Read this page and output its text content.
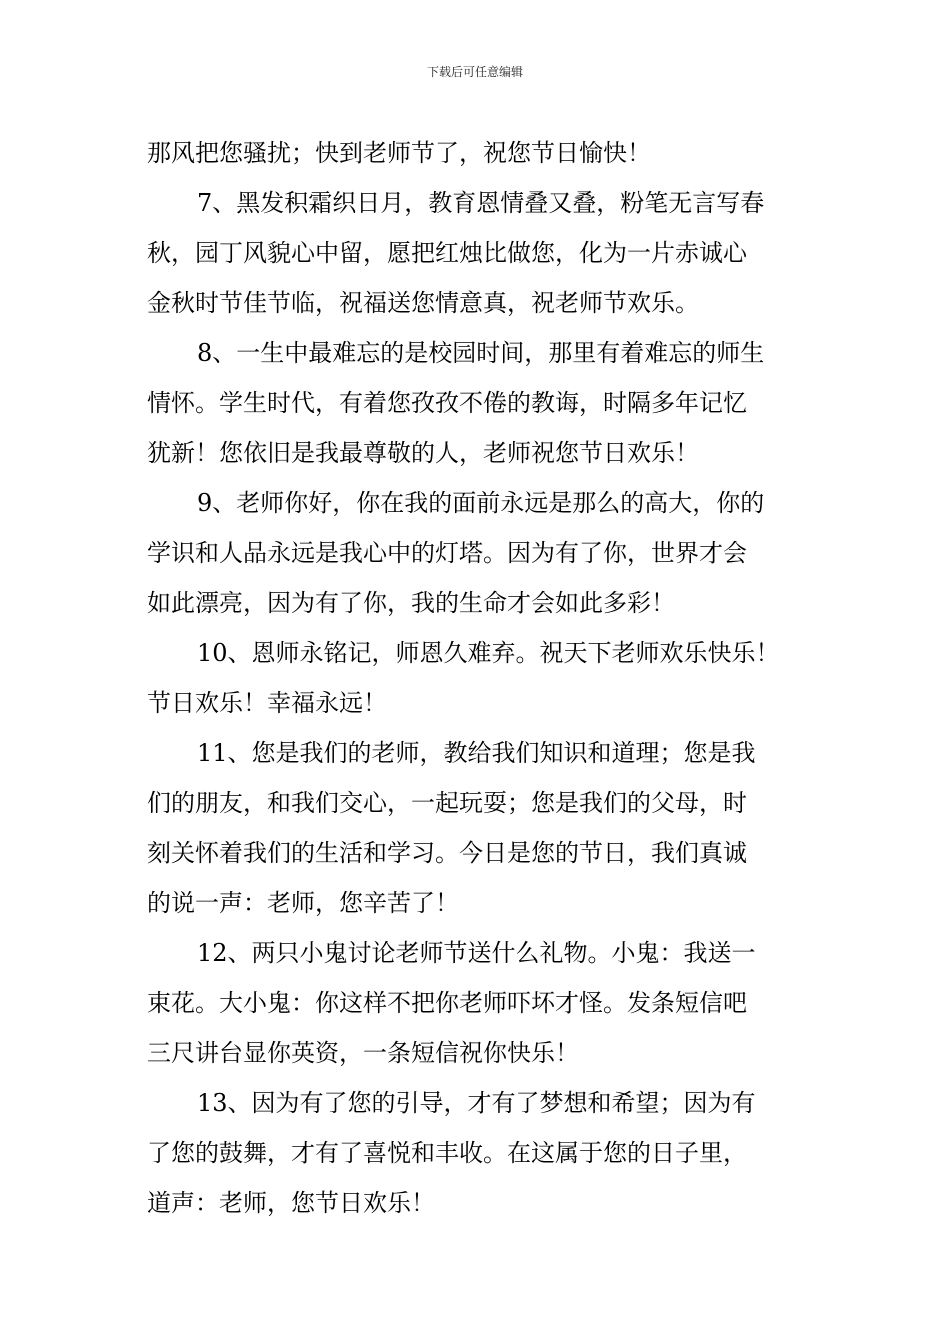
下载后可任意编辑
那风把您骚扰；快到老师节了，祝您节日愉快！
7、黑发积霜织日月，教育恩情叠又叠，粉笔无言写春
秋，园丁风貌心中留，愿把红烛比做您，化为一片赤诚心
金秋时节佳节临，祝福送您情意真，祝老师节欢乐。
8、一生中最难忘的是校园时间，那里有着难忘的师生
情怀。学生时代，有着您孜孜不倦的教诲，时隔多年记忆
犹新！您依旧是我最尊敬的人，老师祝您节日欢乐！
9、老师你好，你在我的面前永远是那么的高大，你的
学识和人品永远是我心中的灯塔。因为有了你，世界才会
如此漂亮，因为有了你，我的生命才会如此多彩！
10、恩师永铭记，师恩久难弃。祝天下老师欢乐快乐！
节日欢乐！幸福永远！
11、您是我们的老师，教给我们知识和道理；您是我
们的朋友，和我们交心，一起玩耍；您是我们的父母，时
刻关怀着我们的生活和学习。今日是您的节日，我们真诚
的说一声：老师，您辛苦了！
12、两只小鬼讨论老师节送什么礼物。小鬼：我送一
束花。大小鬼：你这样不把你老师吓坏才怪。发条短信吧
三尺讲台显你英资，一条短信祝你快乐！
13、因为有了您的引导，才有了梦想和希望；因为有
了您的鼓舞，才有了喜悦和丰收。在这属于您的日子里，
道声：老师，您节日欢乐！
